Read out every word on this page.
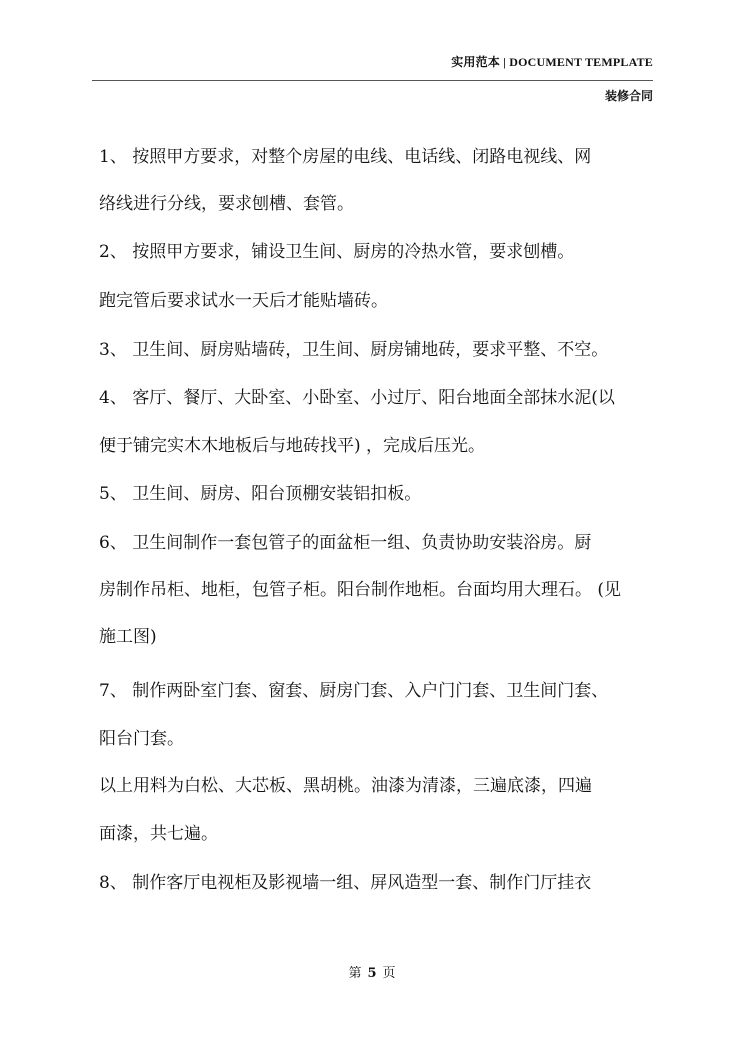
实用范本 | DOCUMENT TEMPLATE
装修合同
1、 按照甲方要求，对整个房屋的电线、电话线、闭路电视线、网
络线进行分线，要求刨槽、套管。
2、 按照甲方要求，铺设卫生间、厨房的冷热水管，要求刨槽。
跑完管后要求试水一天后才能贴墙砖。
3、 卫生间、厨房贴墙砖，卫生间、厨房铺地砖，要求平整、不空。
4、 客厅、餐厅、大卧室、小卧室、小过厅、阳台地面全部抹水泥(以
便于铺完实木木地板后与地砖找平) ，完成后压光。
5、 卫生间、厨房、阳台顶棚安装铝扣板。
6、 卫生间制作一套包管子的面盆柜一组、负责协助安装浴房。厨
房制作吊柜、地柜，包管子柜。阳台制作地柜。台面均用大理石。 (见
施工图)
7、 制作两卧室门套、窗套、厨房门套、入户门门套、卫生间门套、
阳台门套。
以上用料为白松、大芯板、黑胡桃。油漆为清漆，三遍底漆，四遍
面漆，共七遍。
8、 制作客厅电视柜及影视墙一组、屏风造型一套、制作门厅挂衣
第 5 页
